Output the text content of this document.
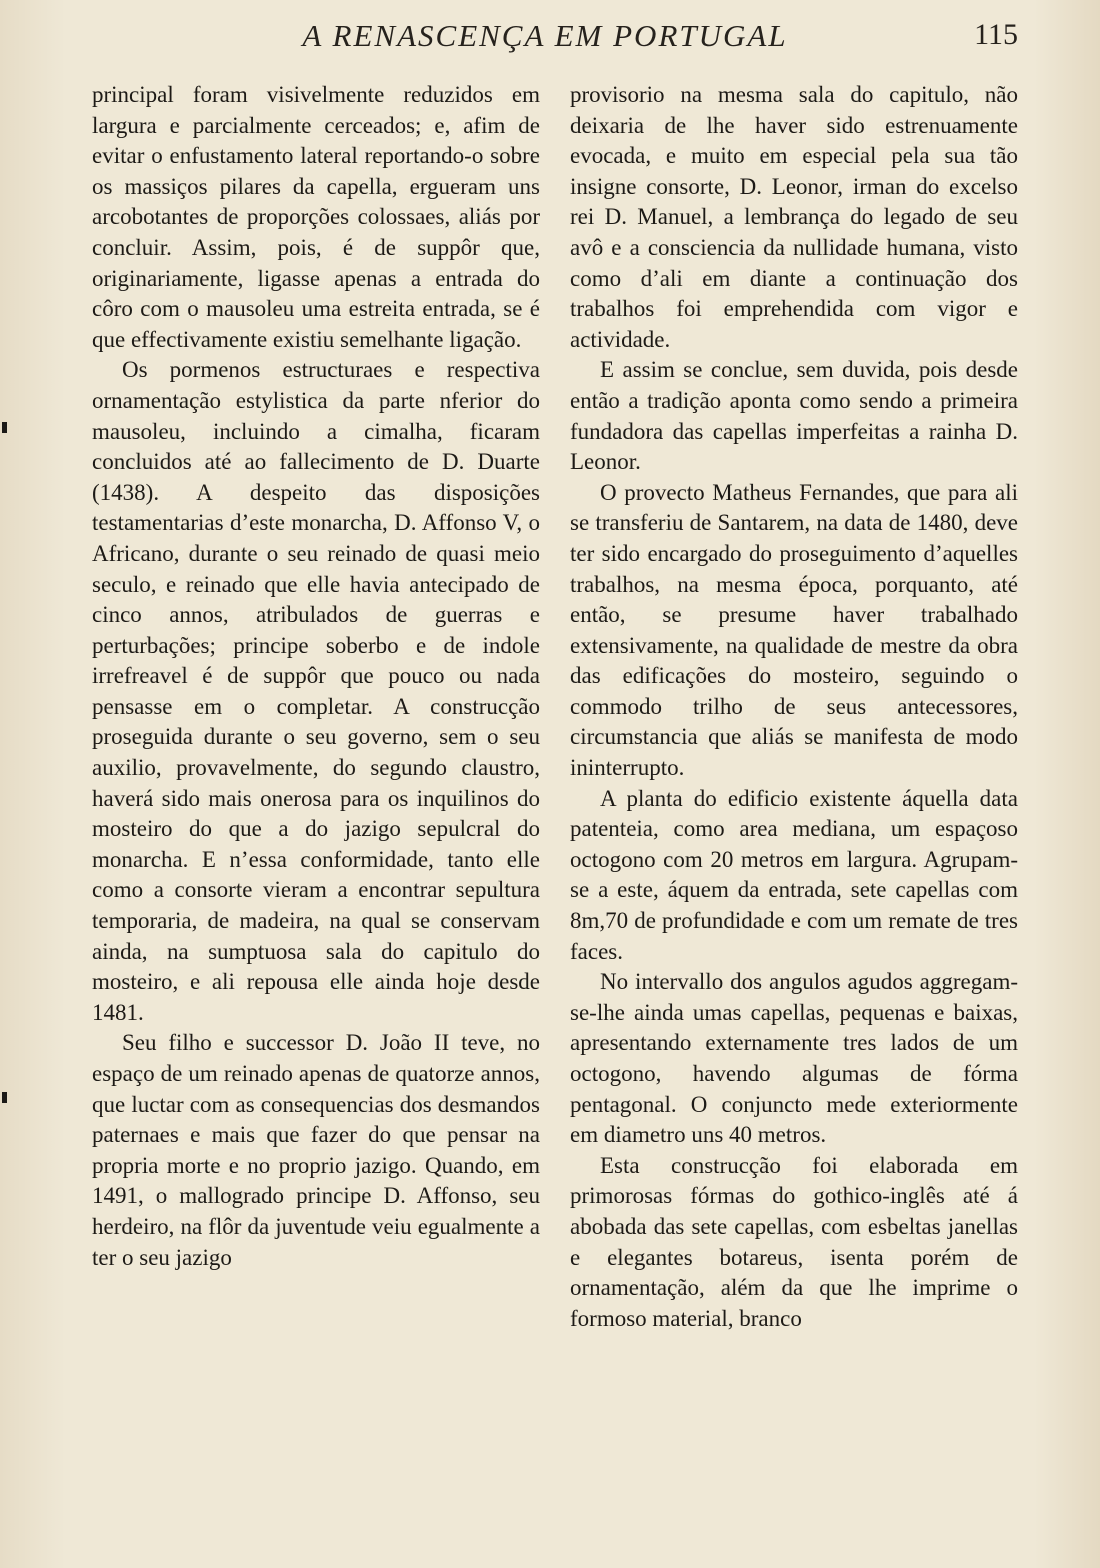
A RENASCENÇA EM PORTUGAL	115

principal foram visivelmente reduzidos em largura e parcialmente cerceados; e, afim de evitar o enfustamento lateral reportando-o sobre os massiços pilares da capella, ergueram uns arcobotantes de proporções colossaes, aliás por concluir. Assim, pois, é de suppôr que, originariamente, ligasse apenas a entrada do côro com o mausoleu uma estreita entrada, se é que effectivamente existiu semelhante ligação.

Os pormenos estructuraes e respectiva ornamentação estylistica da parte nferior do mausoleu, incluindo a cimalha, ficaram concluidos até ao fallecimento de D. Duarte (1438). A despeito das disposições testamentarias d’este monarcha, D. Affonso V, o Africano, durante o seu reinado de quasi meio seculo, e reinado que elle havia antecipado de cinco annos, atribulados de guerras e perturbações; principe soberbo e de indole irrefreavel é de suppôr que pouco ou nada pensasse em o completar. A construcção proseguida durante o seu governo, sem o seu auxilio, provavelmente, do segundo claustro, haverá sido mais onerosa para os inquilinos do mosteiro do que a do jazigo sepulcral do monarcha. E n’essa conformidade, tanto elle como a consorte vieram a encontrar sepultura temporaria, de madeira, na qual se conservam ainda, na sumptuosa sala do capitulo do mosteiro, e ali repousa elle ainda hoje desde 1481.

Seu filho e successor D. João II teve, no espaço de um reinado apenas de quatorze annos, que luctar com as consequencias dos desmandos paternaes e mais que fazer do que pensar na propria morte e no proprio jazigo. Quando, em 1491, o mallogrado principe D. Affonso, seu herdeiro, na flôr da juventude veiu egualmente a ter o seu jazigo

provisorio na mesma sala do capitulo, não deixaria de lhe haver sido estrenuamente evocada, e muito em especial pela sua tão insigne consorte, D. Leonor, irman do excelso rei D. Manuel, a lembrança do legado de seu avô e a consciencia da nullidade humana, visto como d’ali em diante a continuação dos trabalhos foi emprehendida com vigor e actividade.

E assim se conclue, sem duvida, pois desde então a tradição aponta como sendo a primeira fundadora das capellas imperfeitas a rainha D. Leonor.

O provecto Matheus Fernandes, que para ali se transferiu de Santarem, na data de 1480, deve ter sido encargado do proseguimento d’aquelles trabalhos, na mesma época, porquanto, até então, se presume haver trabalhado extensivamente, na qualidade de mestre da obra das edificações do mosteiro, seguindo o commodo trilho de seus antecessores, circumstancia que aliás se manifesta de modo ininterrupto.

A planta do edificio existente áquella data patenteia, como area mediana, um espaçoso octogono com 20 metros em largura. Agrupam-se a este, áquem da entrada, sete capellas com 8m,70 de profundidade e com um remate de tres faces.

No intervallo dos angulos agudos aggregam-se-lhe ainda umas capellas, pequenas e baixas, apresentando externamente tres lados de um octogono, havendo algumas de fórma pentagonal. O conjuncto mede exteriormente em diametro uns 40 metros.

Esta construcção foi elaborada em primorosas fórmas do gothico-inglês até á abobada das sete capellas, com esbeltas janellas e elegantes botareus, isenta porém de ornamentação, além da que lhe imprime o formoso material, branco
